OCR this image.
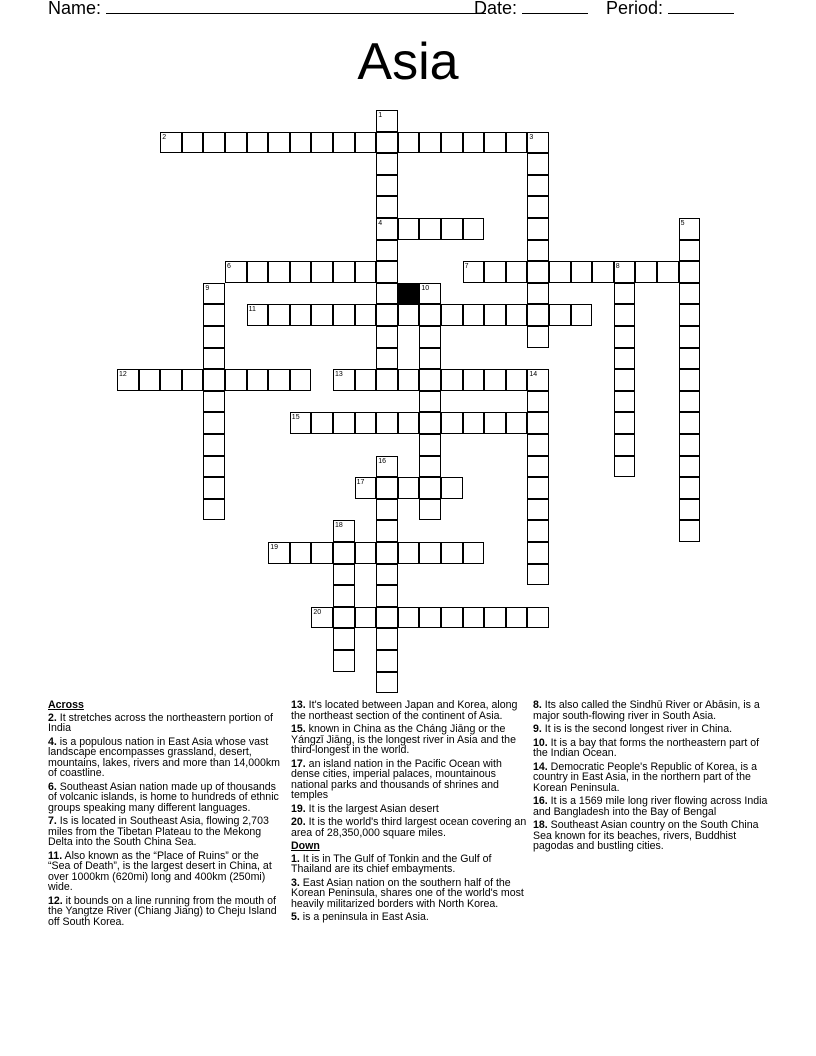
Name:	Date:	Period:
Asia
1
4
2	3
5
6	7	8
9	10
11
12	13	14
15
16
17
18
19
20
Across
2. It stretches across the northeastern portion of India
4. is a populous nation in East Asia whose vast landscape encompasses grassland, desert, mountains, lakes, rivers and more than 14,000km of coastline.
6. Southeast Asian nation made up of thousands of volcanic islands, is home to hundreds of ethnic groups speaking many different languages.
7. Is is located in Southeast Asia, flowing 2,703 miles from the Tibetan Plateau to the Mekong Delta into the South China Sea.
11. Also known as the “Place of Ruins” or the “Sea of Death”, is the largest desert in China, at over 1000km (620mi) long and 400km (250mi) wide.
12. it bounds on a line running from the mouth of the Yangtze River (Chiang Jiang) to Cheju Island off South Korea.
13. It's located between Japan and Korea, along the northeast section of the continent of Asia.
15. known in China as the Cháng Jiāng or the Yángzǐ Jiāng, is the longest river in Asia and the third-longest in the world.
17. an island nation in the Pacific Ocean with dense cities, imperial palaces, mountainous national parks and thousands of shrines and temples
19. It is the largest Asian desert
20. It is the world's third largest ocean covering an area of 28,350,000 square miles.
Down
1. It is in The Gulf of Tonkin and the Gulf of Thailand are its chief embayments.
3. East Asian nation on the southern half of the Korean Peninsula, shares one of the world's most heavily militarized borders with North Korea.
5. is a peninsula in East Asia.
8. Its also called the Sindhū River or Abāsin, is a major south-flowing river in South Asia.
9. It is is the second longest river in China.
10. It is a bay that forms the northeastern part of the Indian Ocean.
14. Democratic People's Republic of Korea, is a country in East Asia, in the northern part of the Korean Peninsula.
16. It is a 1569 mile long river flowing across India and Bangladesh into the Bay of Bengal
18. Southeast Asian country on the South China Sea known for its beaches, rivers, Buddhist pagodas and bustling cities.
